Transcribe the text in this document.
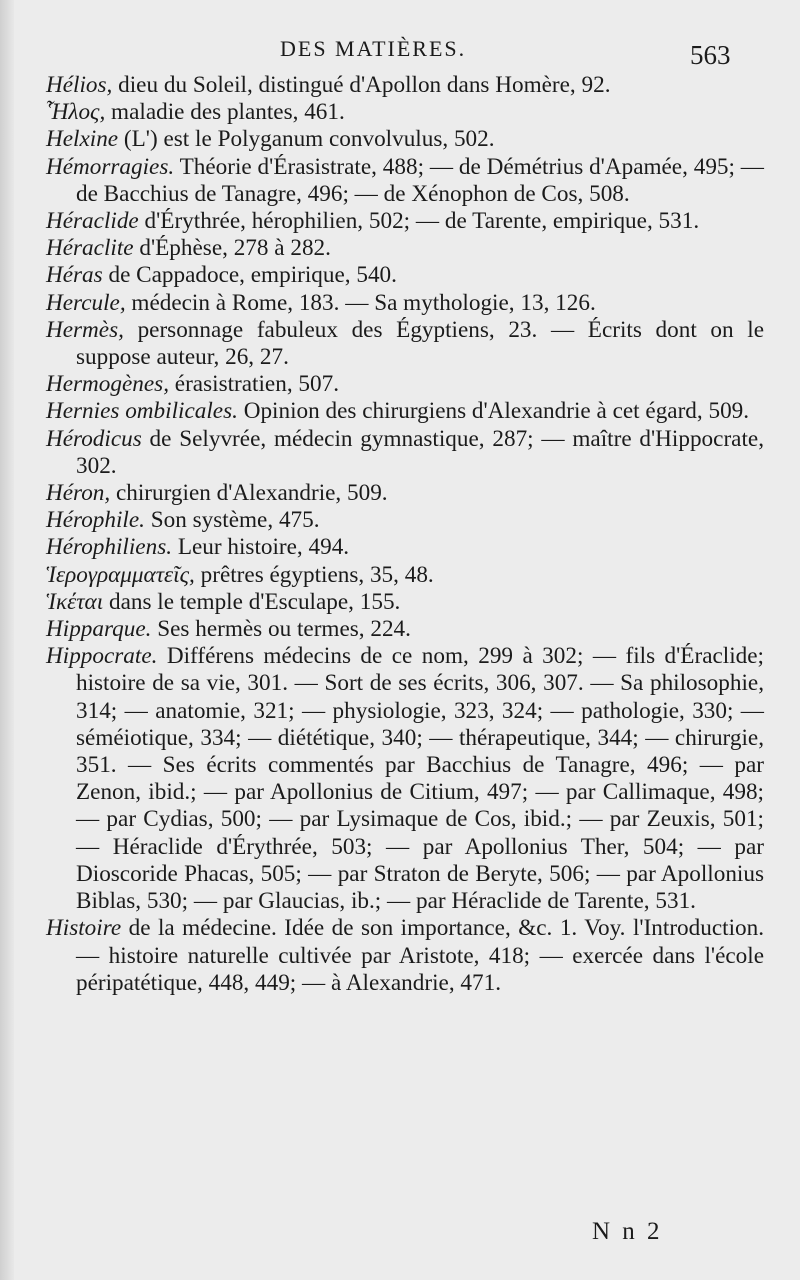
DES MATIÈRES.	563

Hélios, dieu du Soleil, distingué d'Apollon dans Homère, 92.

Ἧλος, maladie des plantes, 461.

Helxine (L') est le Polyganum convolvulus, 502.

Hémorragies. Théorie d'Érasistrate, 488; — de Démétrius d'Apamée, 495; — de Bacchius de Tanagre, 496; — de Xénophon de Cos, 508.

Héraclide d'Érythrée, hérophilien, 502; — de Tarente, empirique, 531.

Héraclite d'Éphèse, 278 à 282.

Héras de Cappadoce, empirique, 540.

Hercule, médecin à Rome, 183. — Sa mythologie, 13, 126.

Hermès, personnage fabuleux des Égyptiens, 23. — Écrits dont on le suppose auteur, 26, 27.

Hermogènes, érasistratien, 507.

Hernies ombilicales. Opinion des chirurgiens d'Alexandrie à cet égard, 509.

Hérodicus de Selyvrée, médecin gymnastique, 287; — maître d'Hippocrate, 302.

Héron, chirurgien d'Alexandrie, 509.

Hérophile. Son système, 475.

Hérophiliens. Leur histoire, 494.

Ἱερογραμματεῖς, prêtres égyptiens, 35, 48.

Ἱκέται dans le temple d'Esculape, 155.

Hipparque. Ses hermès ou termes, 224.

Hippocrate. Différens médecins de ce nom, 299 à 302; — fils d'Éraclide; histoire de sa vie, 301. — Sort de ses écrits, 306, 307. — Sa philosophie, 314; — anatomie, 321; — physiologie, 323, 324; — pathologie, 330; — séméiotique, 334; — diététique, 340; — thérapeutique, 344; — chirurgie, 351. — Ses écrits commentés par Bacchius de Tanagre, 496; — par Zenon, ibid.; — par Apollonius de Citium, 497; — par Callimaque, 498; — par Cydias, 500; — par Lysimaque de Cos, ibid.; — par Zeuxis, 501; — Héraclide d'Érythrée, 503; — par Apollonius Ther, 504; — par Dioscoride Phacas, 505; — par Straton de Beryte, 506; — par Apollonius Biblas, 530; — par Glaucias, ib.; — par Héraclide de Tarente, 531.

Histoire de la médecine. Idée de son importance, &c. 1. Voy. l'Introduction. — histoire naturelle cultivée par Aristote, 418; — exercée dans l'école péripatétique, 448, 449; — à Alexandrie, 471.

N n 2
